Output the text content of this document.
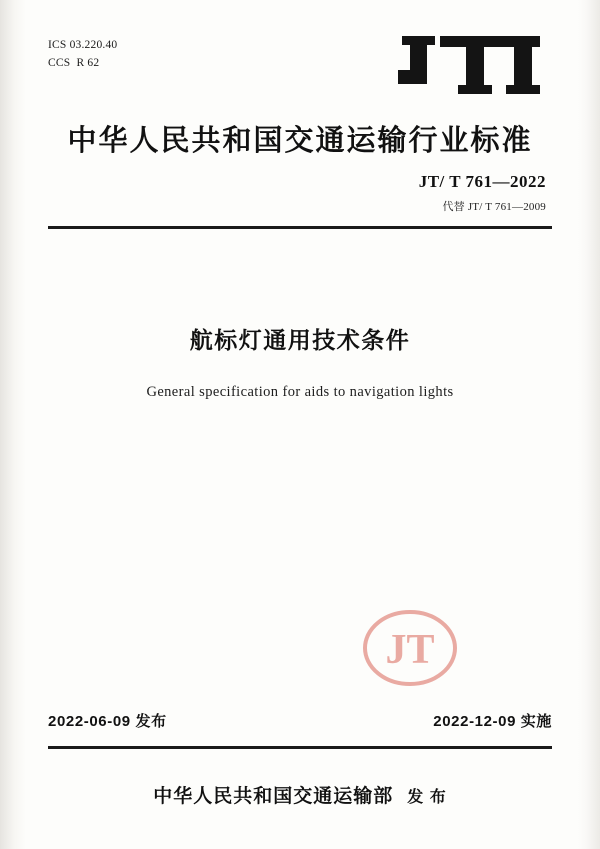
ICS 03.220.40
CCS  R 62
中华人民共和国交通运输行业标准
JT/ T 761—2022
代替 JT/ T 761—2009
航标灯通用技术条件
General specification for aids to navigation lights
JT
2022-06-09 发布	2022-12-09 实施
中华人民共和国交通运输部 发 布
